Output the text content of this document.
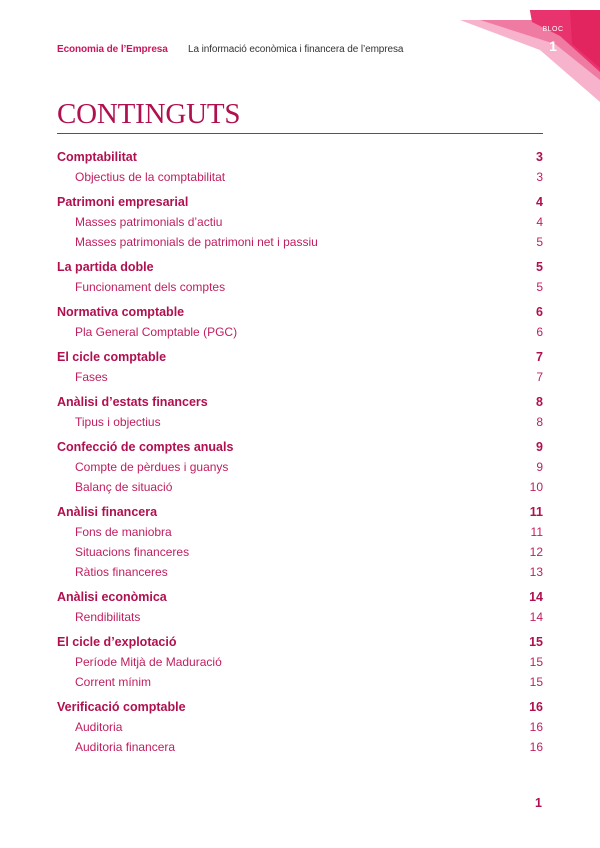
Economia de l’Empresa La informació econòmica i financera de l’empresa
BLOC
1
CONTINGUTS
Comptabilitat	3
Objectius de la comptabilitat	3
Patrimoni empresarial	4
Masses patrimonials d’actiu	4
Masses patrimonials de patrimoni net i passiu	5
La partida doble	5
Funcionament dels comptes	5
Normativa comptable	6
Pla General Comptable (PGC)	6
El cicle comptable	7
Fases	7
Anàlisi d’estats financers	8
Tipus i objectius	8
Confecció de comptes anuals	9
Compte de pèrdues i guanys	9
Balanç de situació	10
Anàlisi financera	11
Fons de maniobra	11
Situacions financeres	12
Ràtios financeres	13
Anàlisi econòmica	14
Rendibilitats	14
El cicle d’explotació	15
Període Mitjà de Maduració	15
Corrent mínim	15
Verificació comptable	16
Auditoria	16
Auditoria financera	16
1
